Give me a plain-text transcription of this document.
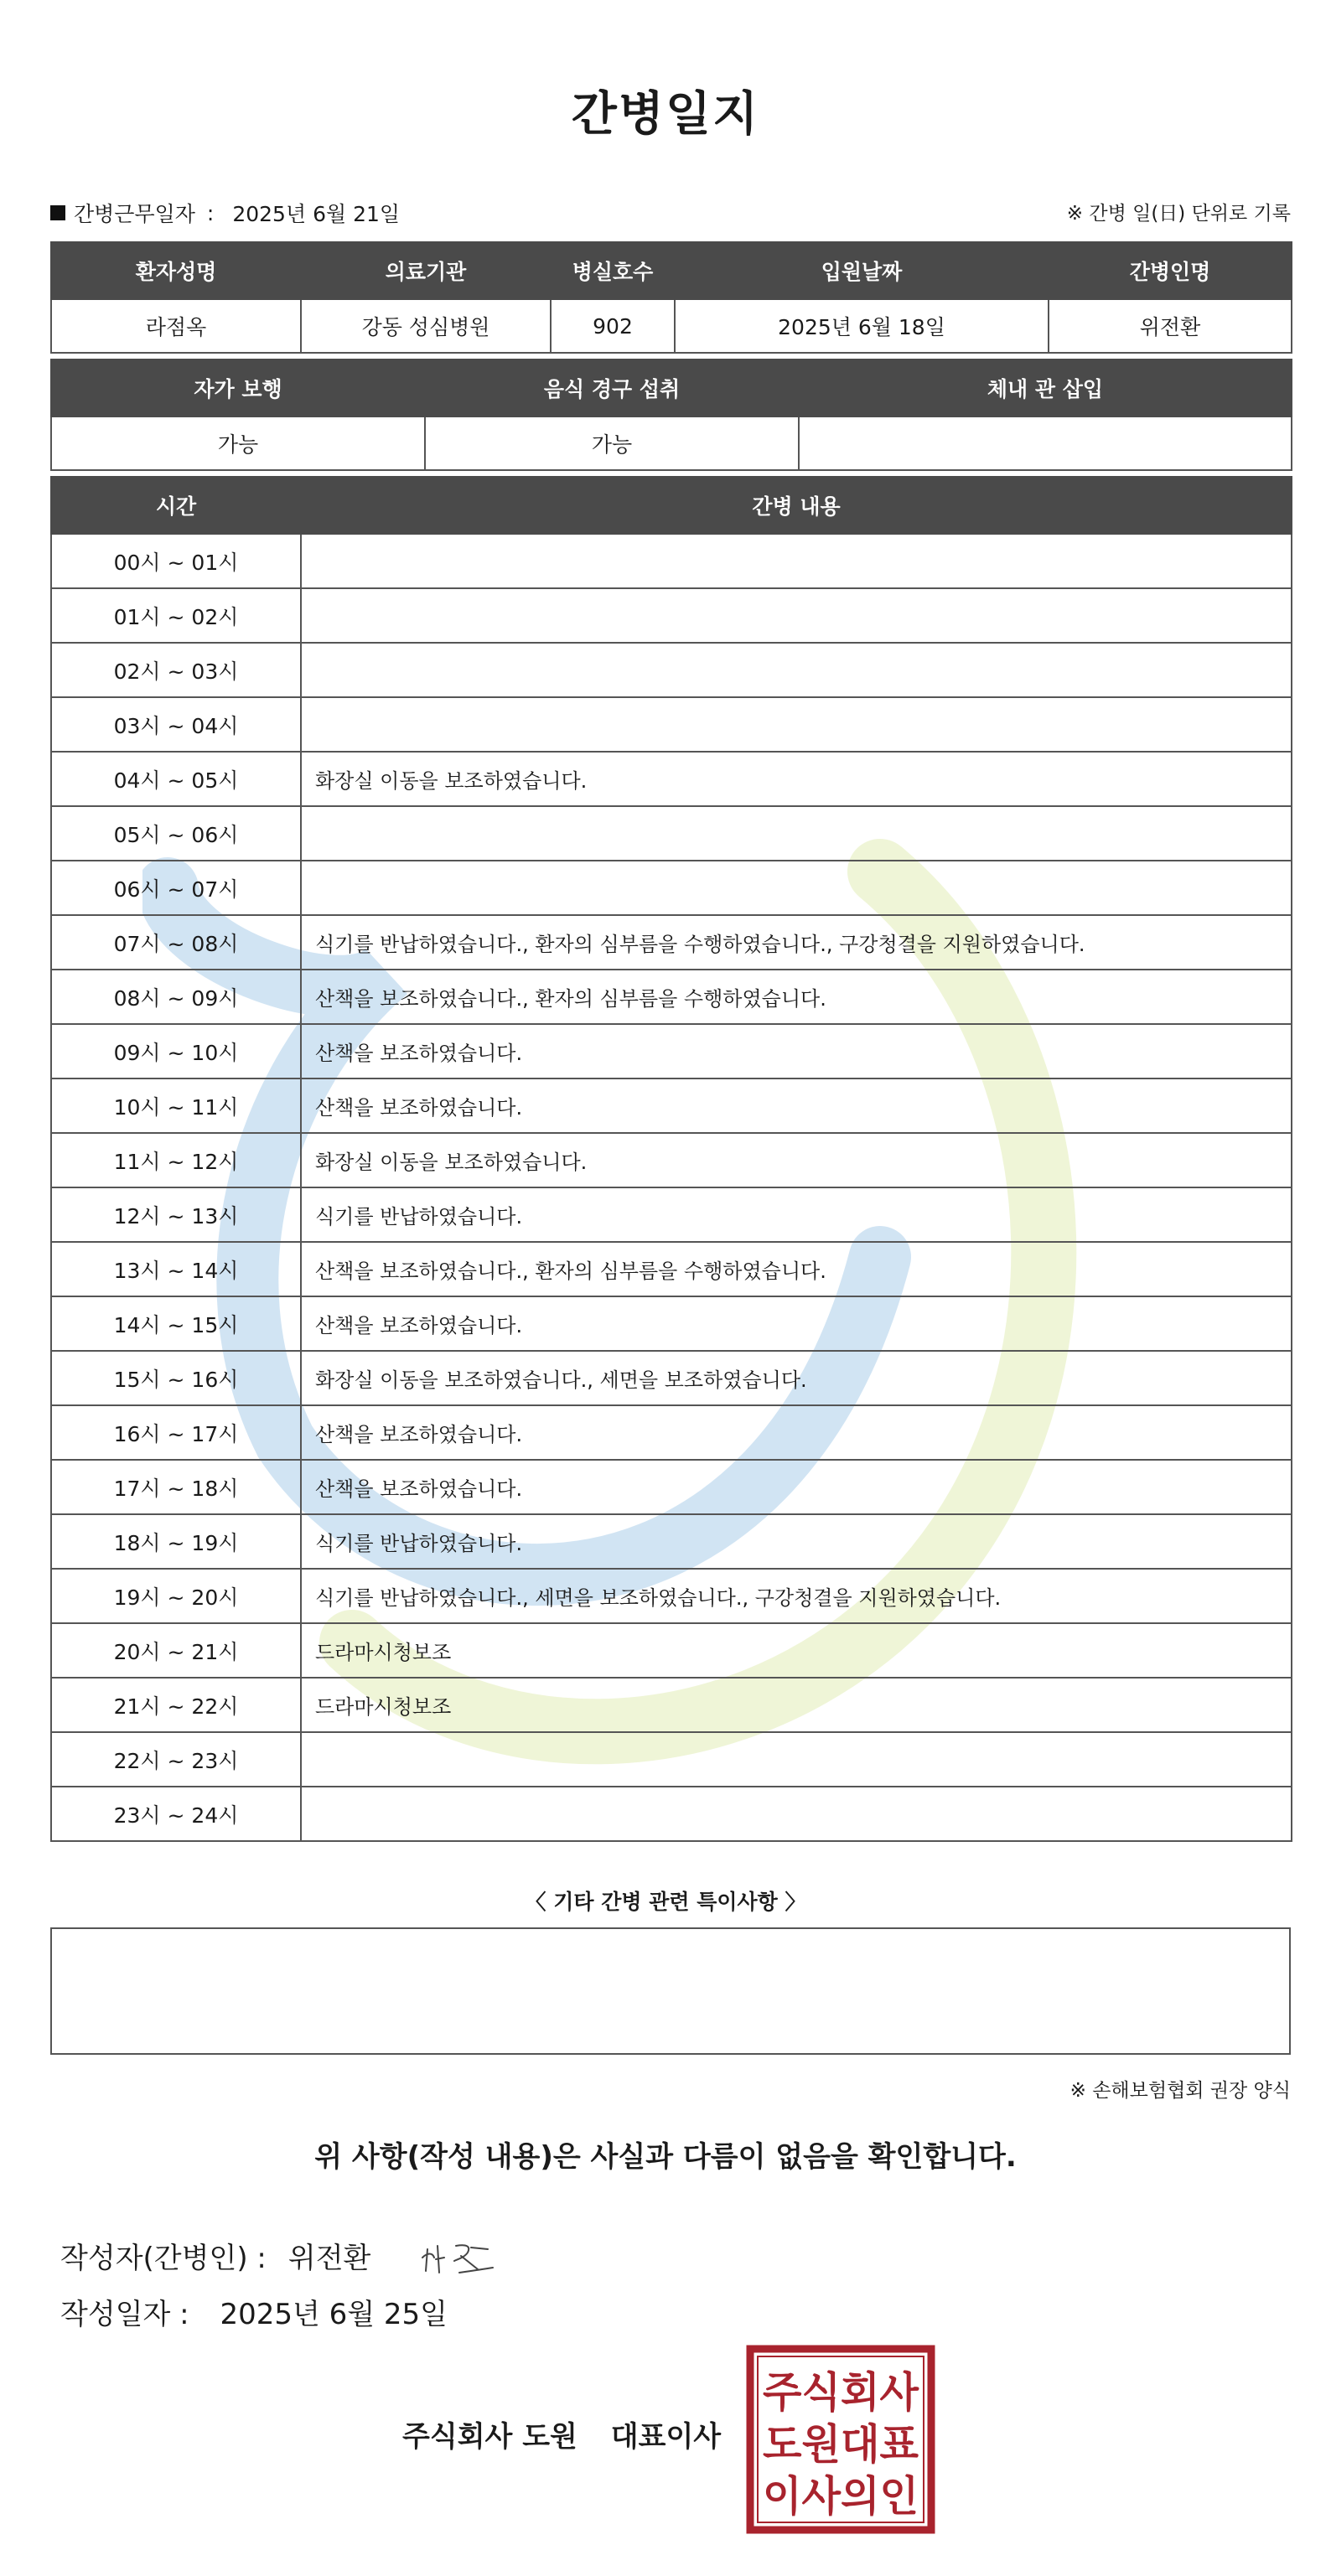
간병일지
간병근무일자 : 2025년 6월 21일	※ 간병 일(日) 단위로 기록
환자성명	의료기관	병실호수	입원날짜	간병인명
라점옥	강동 성심병원	902	2025년 6월 18일	위전환
자가 보행	음식 경구 섭취	체내 관 삽입
가능	가능	
시간	간병 내용
00시 ~ 01시	
01시 ~ 02시	
02시 ~ 03시	
03시 ~ 04시	
04시 ~ 05시	화장실 이동을 보조하였습니다.
05시 ~ 06시	
06시 ~ 07시	
07시 ~ 08시	식기를 반납하였습니다., 환자의 심부름을 수행하였습니다., 구강청결을 지원하였습니다.
08시 ~ 09시	산책을 보조하였습니다., 환자의 심부름을 수행하였습니다.
09시 ~ 10시	산책을 보조하였습니다.
10시 ~ 11시	산책을 보조하였습니다.
11시 ~ 12시	화장실 이동을 보조하였습니다.
12시 ~ 13시	식기를 반납하였습니다.
13시 ~ 14시	산책을 보조하였습니다., 환자의 심부름을 수행하였습니다.
14시 ~ 15시	산책을 보조하였습니다.
15시 ~ 16시	화장실 이동을 보조하였습니다., 세면을 보조하였습니다.
16시 ~ 17시	산책을 보조하였습니다.
17시 ~ 18시	산책을 보조하였습니다.
18시 ~ 19시	식기를 반납하였습니다.
19시 ~ 20시	식기를 반납하였습니다., 세면을 보조하였습니다., 구강청결을 지원하였습니다.
20시 ~ 21시	드라마시청보조
21시 ~ 22시	드라마시청보조
22시 ~ 23시	
23시 ~ 24시	
〈 기타 간병 관련 특이사항 〉
※ 손해보험협회 권장 양식
위 사항(작성 내용)은 사실과 다름이 없음을 확인합니다.
작성자(간병인) : 위전환
작성일자 : 2025년 6월 25일
주식회사 도원 대표이사
주식회사
도원대표
이사의인
